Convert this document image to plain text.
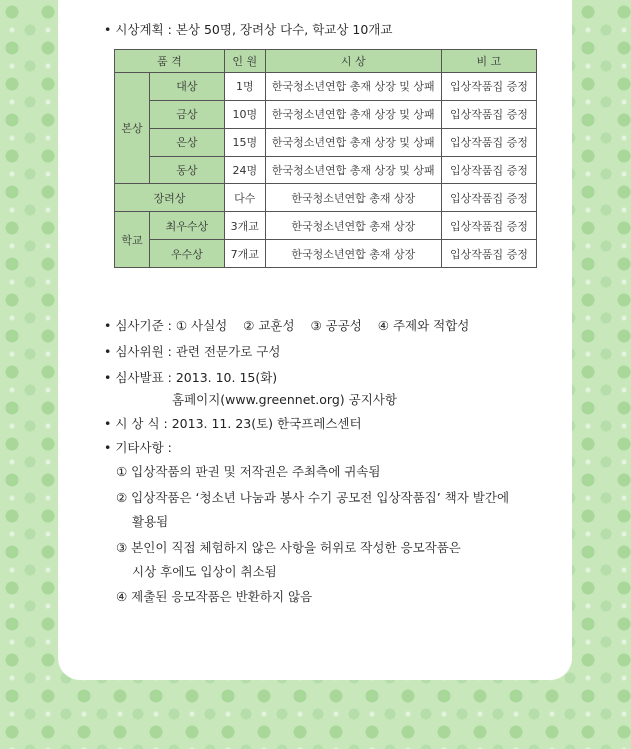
• 시상계획 : 본상 50명, 장려상 다수, 학교상 10개교
품 격		인 원	시 상	비 고
본상	대상	1명	한국청소년연합 총재 상장 및 상패	입상작품집 증정
	금상	10명	한국청소년연합 총재 상장 및 상패	입상작품집 증정
	은상	15명	한국청소년연합 총재 상장 및 상패	입상작품집 증정
	동상	24명	한국청소년연합 총재 상장 및 상패	입상작품집 증정
장려상		다수	한국청소년연합 총재 상장	입상작품집 증정
학교	최우수상	3개교	한국청소년연합 총재 상장	입상작품집 증정
	우수상	7개교	한국청소년연합 총재 상장	입상작품집 증정
• 심사기준 : ① 사실성 ② 교훈성 ③ 공공성 ④ 주제와 적합성
• 심사위원 : 관련 전문가로 구성
• 심사발표 : 2013. 10. 15(화)
홈페이지(www.greennet.org) 공지사항
• 시 상 식 : 2013. 11. 23(토) 한국프레스센터
• 기타사항 :
① 입상작품의 판권 및 저작권은 주최측에 귀속됨
② 입상작품은 ‘청소년 나눔과 봉사 수기 공모전 입상작품집’ 책자 발간에
활용됨
③ 본인이 직접 체험하지 않은 사항을 허위로 작성한 응모작품은
시상 후에도 입상이 취소됨
④ 제출된 응모작품은 반환하지 않음
